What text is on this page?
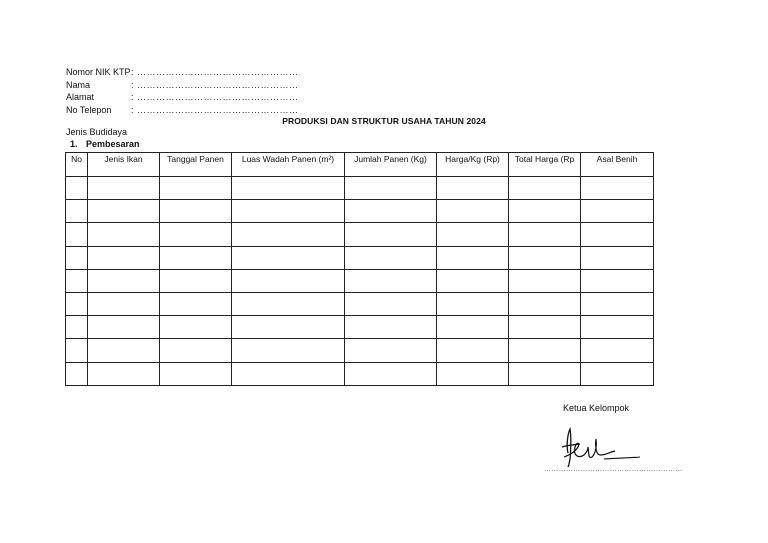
Nomor NIK KTP : ……………………………………………
Nama	: ……………………………………………
Alamat	: ……………………………………………
No Telepon	: ……………………………………………
PRODUKSI DAN STRUKTUR USAHA TAHUN 2024
Jenis Budidaya
1. Pembesaran
No	Jenis Ikan	Tanggal Panen	Luas Wadah Panen (m²)	Jumlah Panen (Kg)	Harga/Kg (Rp)	Total Harga (Rp	Asal Benih

Ketua Kelompok
…………………………………………………
